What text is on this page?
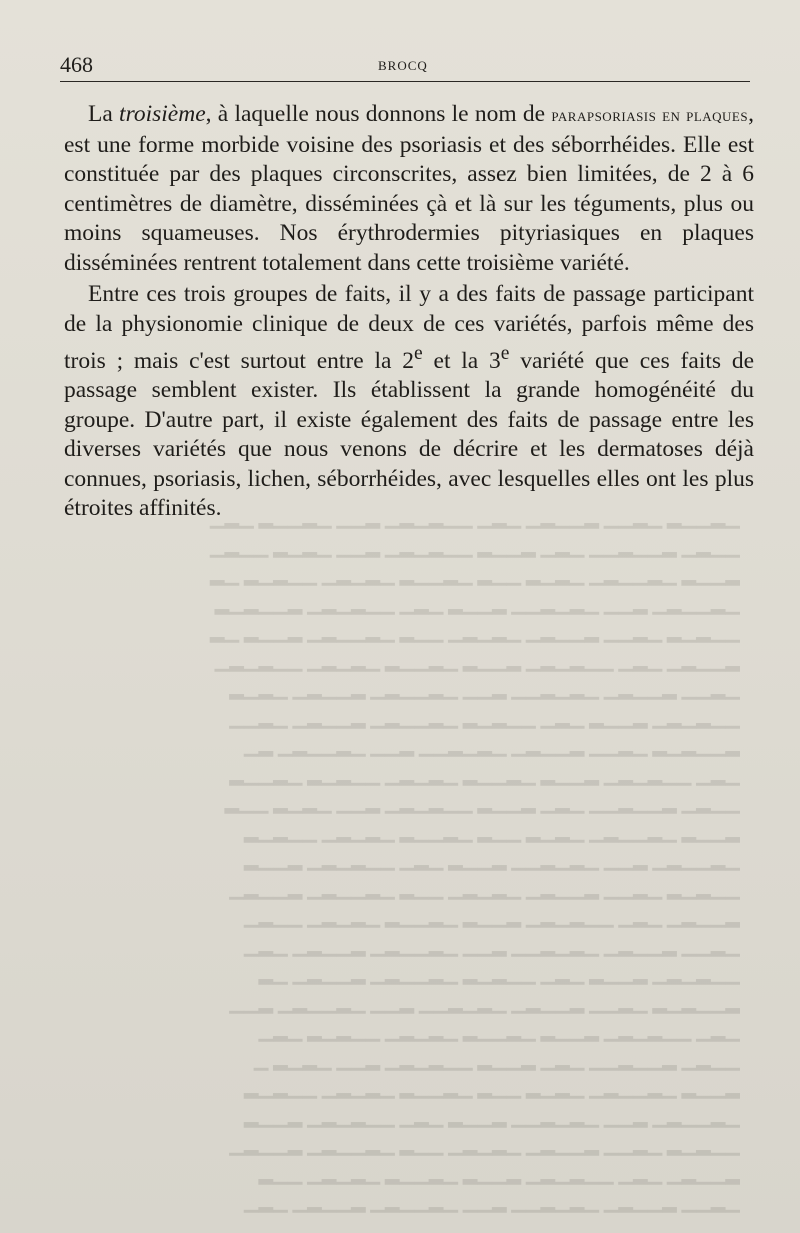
468	BROCQ

La troisième, à laquelle nous donnons le nom de parapsoriasis en plaques, est une forme morbide voisine des psoriasis et des séborrhéides. Elle est constituée par des plaques circonscrites, assez bien limitées, de 2 à 6 centimètres de diamètre, disséminées çà et là sur les téguments, plus ou moins squameuses. Nos érythrodermies pityriasiques en plaques disséminées rentrent totalement dans cette troisième variété.

Entre ces trois groupes de faits, il y a des faits de passage participant de la physionomie clinique de deux de ces variétés, parfois même des trois ; mais c'est surtout entre la 2e et la 3e variété que ces faits de passage semblent exister. Ils établissent la grande homogénéité du groupe. D'autre part, il existe également des faits de passage entre les diverses variétés que nous venons de décrire et les dermatoses déjà connues, psoriasis, lichen, séborrhéides, avec lesquelles elles ont les plus étroites affinités.

▁▂▁▁▂ ▁▂▁▁ ▂▁▁▂▁ ▁▂▁ ▁▁▂▁▂▁ ▂▁▁ ▁▂▁▁▂ ▁▂▁
▁▁▂▁ ▂▁▁▂▁▁ ▁▂▁ ▂▁▁▂ ▁▁▂▁▂▁ ▂▁▁ ▁▂▁▂ ▁▁▂▁
▂▁▁▂ ▁▂▁▁▂▁ ▁▂▁▂ ▁▁▂ ▁▂▁▁▂ ▁▂▁▂▁ ▁▁▂▁▂ ▁▂
▁▂▁▁▂▁ ▂▁▁ ▁▂▁▂▁▁ ▂▁▁▂ ▁▂▁ ▁▁▂▁▂▁ ▂▁▁▂▁▂
▁▁▂▁▂ ▁▂▁▁ ▂▁▁▂▁ ▁▂▁▂▁ ▁▁▂ ▁▂▁▁▂▁ ▂▁▁▂ ▁▂
▂▁▁▂▁ ▁▂▁ ▁▁▂▁▂▁ ▂▁▁▂ ▁▂▁▁▂ ▁▂▁▂▁ ▁▁▂▁▂▁
▁▂▁▁ ▂▁▁▂▁ ▁▂▁▂▁▁ ▂▁▁ ▁▂▁▁▂▁ ▂▁▁▂▁ ▁▂▁▂
▁▁▂▁▂▁ ▂▁▁▂ ▁▂▁ ▁▁▂▁▂ ▁▂▁▁▂▁ ▂▁▁▂▁ ▁▂▁▁
▂▁▁▂▁▂ ▁▂▁▁ ▂▁▁▂▁ ▁▂▁▂▁▁ ▂▁▁ ▁▂▁▁▂▁ ▂▁
▁▂▁ ▁▁▂▁▂▁ ▂▁▁▂ ▁▂▁▁▂ ▁▂▁▂▁ ▁▁▂▁▂ ▁▂▁▁▂
▁▁▂▁ ▂▁▁▂▁▁ ▁▂▁ ▂▁▁▂ ▁▁▂▁▂▁ ▂▁▁ ▁▂▁▂ ▁▁▂
▂▁▁▂ ▁▂▁▁▂▁ ▁▂▁▂ ▁▁▂ ▁▂▁▁▂ ▁▂▁▂▁ ▁▁▂▁▂
▁▂▁▁▂▁ ▂▁▁ ▁▂▁▂▁▁ ▂▁▁▂ ▁▂▁ ▁▁▂▁▂▁ ▂▁▁▂
▁▁▂▁▂ ▁▂▁▁ ▂▁▁▂▁ ▁▂▁▂▁ ▁▁▂ ▁▂▁▁▂▁ ▂▁▁▂▁
▂▁▁▂▁ ▁▂▁ ▁▁▂▁▂▁ ▂▁▁▂ ▁▂▁▁▂ ▁▂▁▂▁ ▁▁▂▁
▁▂▁▁ ▂▁▁▂▁ ▁▂▁▂▁▁ ▂▁▁ ▁▂▁▁▂▁ ▂▁▁▂▁ ▁▂▁
▁▁▂▁▂▁ ▂▁▁▂ ▁▂▁ ▁▁▂▁▂ ▁▂▁▁▂▁ ▂▁▁▂▁ ▁▂
▂▁▁▂▁▂ ▁▂▁▁ ▂▁▁▂▁ ▁▂▁▂▁▁ ▂▁▁ ▁▂▁▁▂▁ ▂▁▁
▁▂▁ ▁▁▂▁▂▁ ▂▁▁▂ ▁▂▁▁▂ ▁▂▁▂▁ ▁▁▂▁▂ ▁▂▁
▁▁▂▁ ▂▁▁▂▁▁ ▁▂▁ ▂▁▁▂ ▁▁▂▁▂▁ ▂▁▁ ▁▂▁▂ ▁
▂▁▁▂ ▁▂▁▁▂▁ ▁▂▁▂ ▁▁▂ ▁▂▁▁▂ ▁▂▁▂▁ ▁▁▂▁▂
▁▂▁▁▂▁ ▂▁▁ ▁▂▁▂▁▁ ▂▁▁▂ ▁▂▁ ▁▁▂▁▂▁ ▂▁▁▂
▁▁▂▁▂ ▁▂▁▁ ▂▁▁▂▁ ▁▂▁▂▁ ▁▁▂ ▁▂▁▁▂▁ ▂▁▁▂▁
▂▁▁▂▁ ▁▂▁ ▁▁▂▁▂▁ ▂▁▁▂ ▁▂▁▁▂ ▁▂▁▂▁ ▁▁▂
▁▂▁▁ ▂▁▁▂▁ ▁▂▁▂▁▁ ▂▁▁ ▁▂▁▁▂▁ ▂▁▁▂▁ ▁▂▁
